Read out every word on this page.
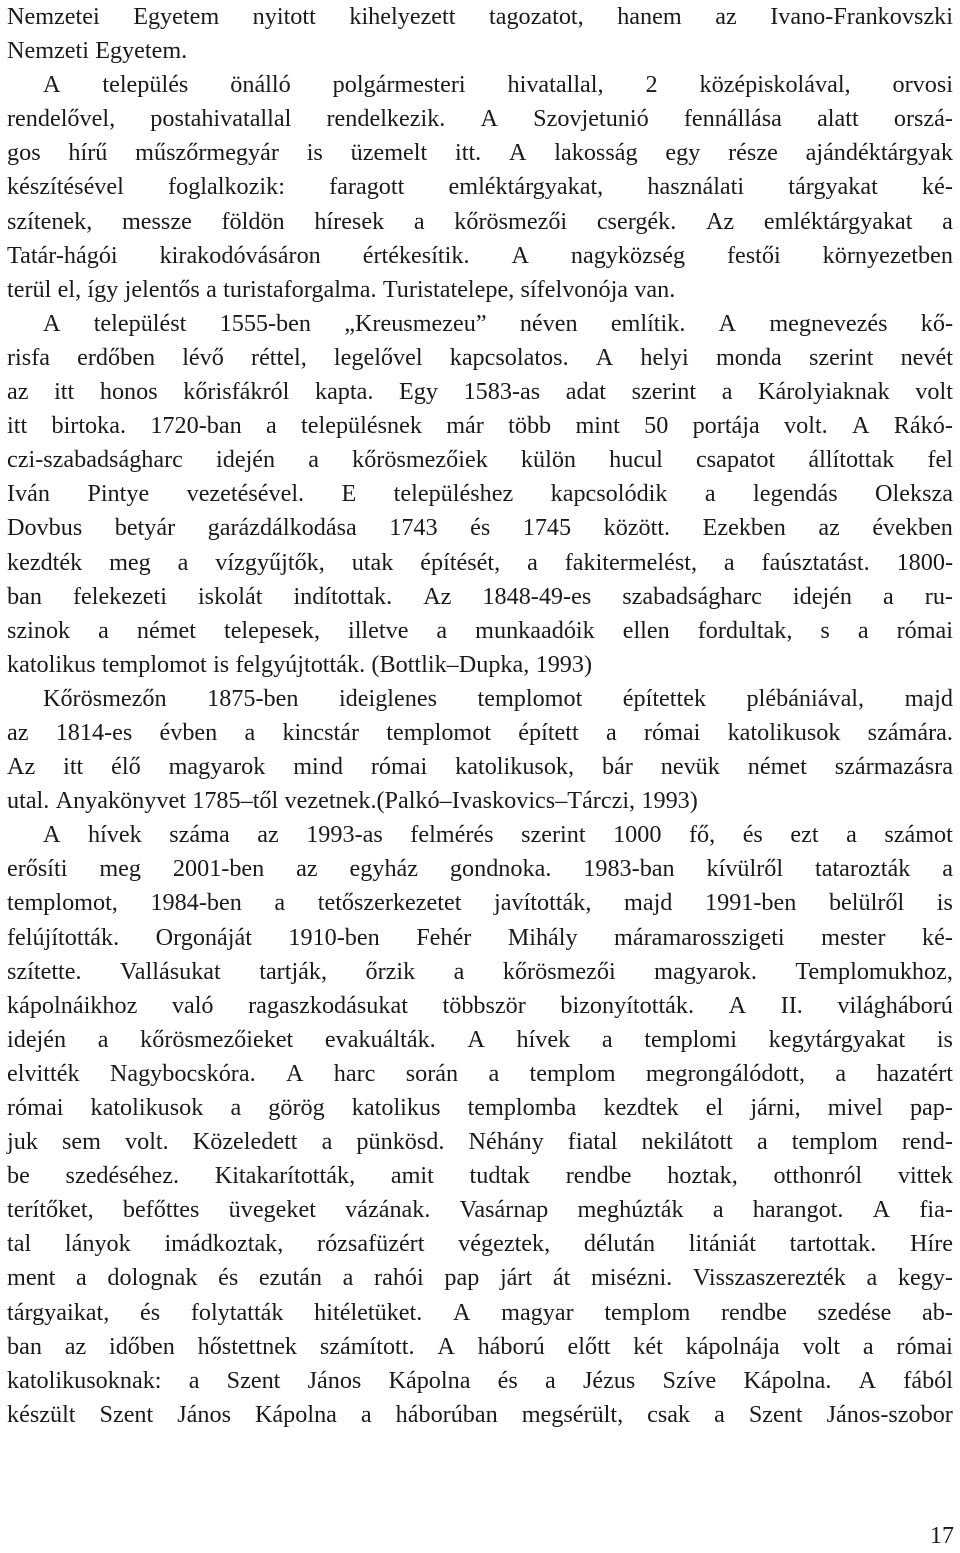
Nemzetei Egyetem nyitott kihelyezett tagozatot, hanem az Ivano-Frankovszki
Nemzeti Egyetem.
A település önálló polgármesteri hivatallal, 2 középiskolával, orvosi
rendelővel, postahivatallal rendelkezik. A Szovjetunió fennállása alatt orszá-
gos hírű műszőrmegyár is üzemelt itt. A lakosság egy része ajándéktárgyak
készítésével foglalkozik: faragott emléktárgyakat, használati tárgyakat ké-
szítenek, messze földön híresek a kőrösmezői csergék. Az emléktárgyakat a
Tatár-hágói kirakodóvásáron értékesítik. A nagyközség festői környezetben
terül el, így jelentős a turistaforgalma. Turistatelepe, sífelvonója van.
A települést 1555-ben „Kreusmezeu” néven említik. A megnevezés kő-
risfa erdőben lévő réttel, legelővel kapcsolatos. A helyi monda szerint nevét
az itt honos kőrisfákról kapta. Egy 1583-as adat szerint a Károlyiaknak volt
itt birtoka. 1720-ban a településnek már több mint 50 portája volt. A Rákó-
czi-szabadságharc idején a kőrösmezőiek külön hucul csapatot állítottak fel
Iván Pintye vezetésével. E településhez kapcsolódik a legendás Oleksza
Dovbus betyár garázdálkodása 1743 és 1745 között. Ezekben az években
kezdték meg a vízgyűjtők, utak építését, a fakitermelést, a faúsztatást. 1800-
ban felekezeti iskolát indítottak. Az 1848-49-es szabadságharc idején a ru-
szinok a német telepesek, illetve a munkaadóik ellen fordultak, s a római
katolikus templomot is felgyújtották. (Bottlik–Dupka, 1993)
Kőrösmezőn 1875-ben ideiglenes templomot építettek plébániával, majd
az 1814-es évben a kincstár templomot épített a római katolikusok számára.
Az itt élő magyarok mind római katolikusok, bár nevük német származásra
utal. Anyakönyvet 1785–től vezetnek.(Palkó–Ivaskovics–Tárczi, 1993)
A hívek száma az 1993-as felmérés szerint 1000 fő, és ezt a számot
erősíti meg 2001-ben az egyház gondnoka. 1983-ban kívülről tatarozták a
templomot, 1984-ben a tetőszerkezetet javították, majd 1991-ben belülről is
felújították. Orgonáját 1910-ben Fehér Mihály máramarosszigeti mester ké-
szítette. Vallásukat tartják, őrzik a kőrösmezői magyarok. Templomukhoz,
kápolnáikhoz való ragaszkodásukat többször bizonyították. A II. világháború
idején a kőrösmezőieket evakuálták. A hívek a templomi kegytárgyakat is
elvitték Nagybocskóra. A harc során a templom megrongálódott, a hazatért
római katolikusok a görög katolikus templomba kezdtek el járni, mivel pap-
juk sem volt. Közeledett a pünkösd. Néhány fiatal nekilátott a templom rend-
be szedéséhez. Kitakarították, amit tudtak rendbe hoztak, otthonról vittek
terítőket, befőttes üvegeket vázának. Vasárnap meghúzták a harangot. A fia-
tal lányok imádkoztak, rózsafüzért végeztek, délután litániát tartottak. Híre
ment a dolognak és ezután a rahói pap járt át misézni. Visszaszerezték a kegy-
tárgyaikat, és folytatták hitéletüket. A magyar templom rendbe szedése ab-
ban az időben hőstettnek számított. A háború előtt két kápolnája volt a római
katolikusoknak: a Szent János Kápolna és a Jézus Szíve Kápolna. A fából
készült Szent János Kápolna a háborúban megsérült, csak a Szent János-szobor
17
